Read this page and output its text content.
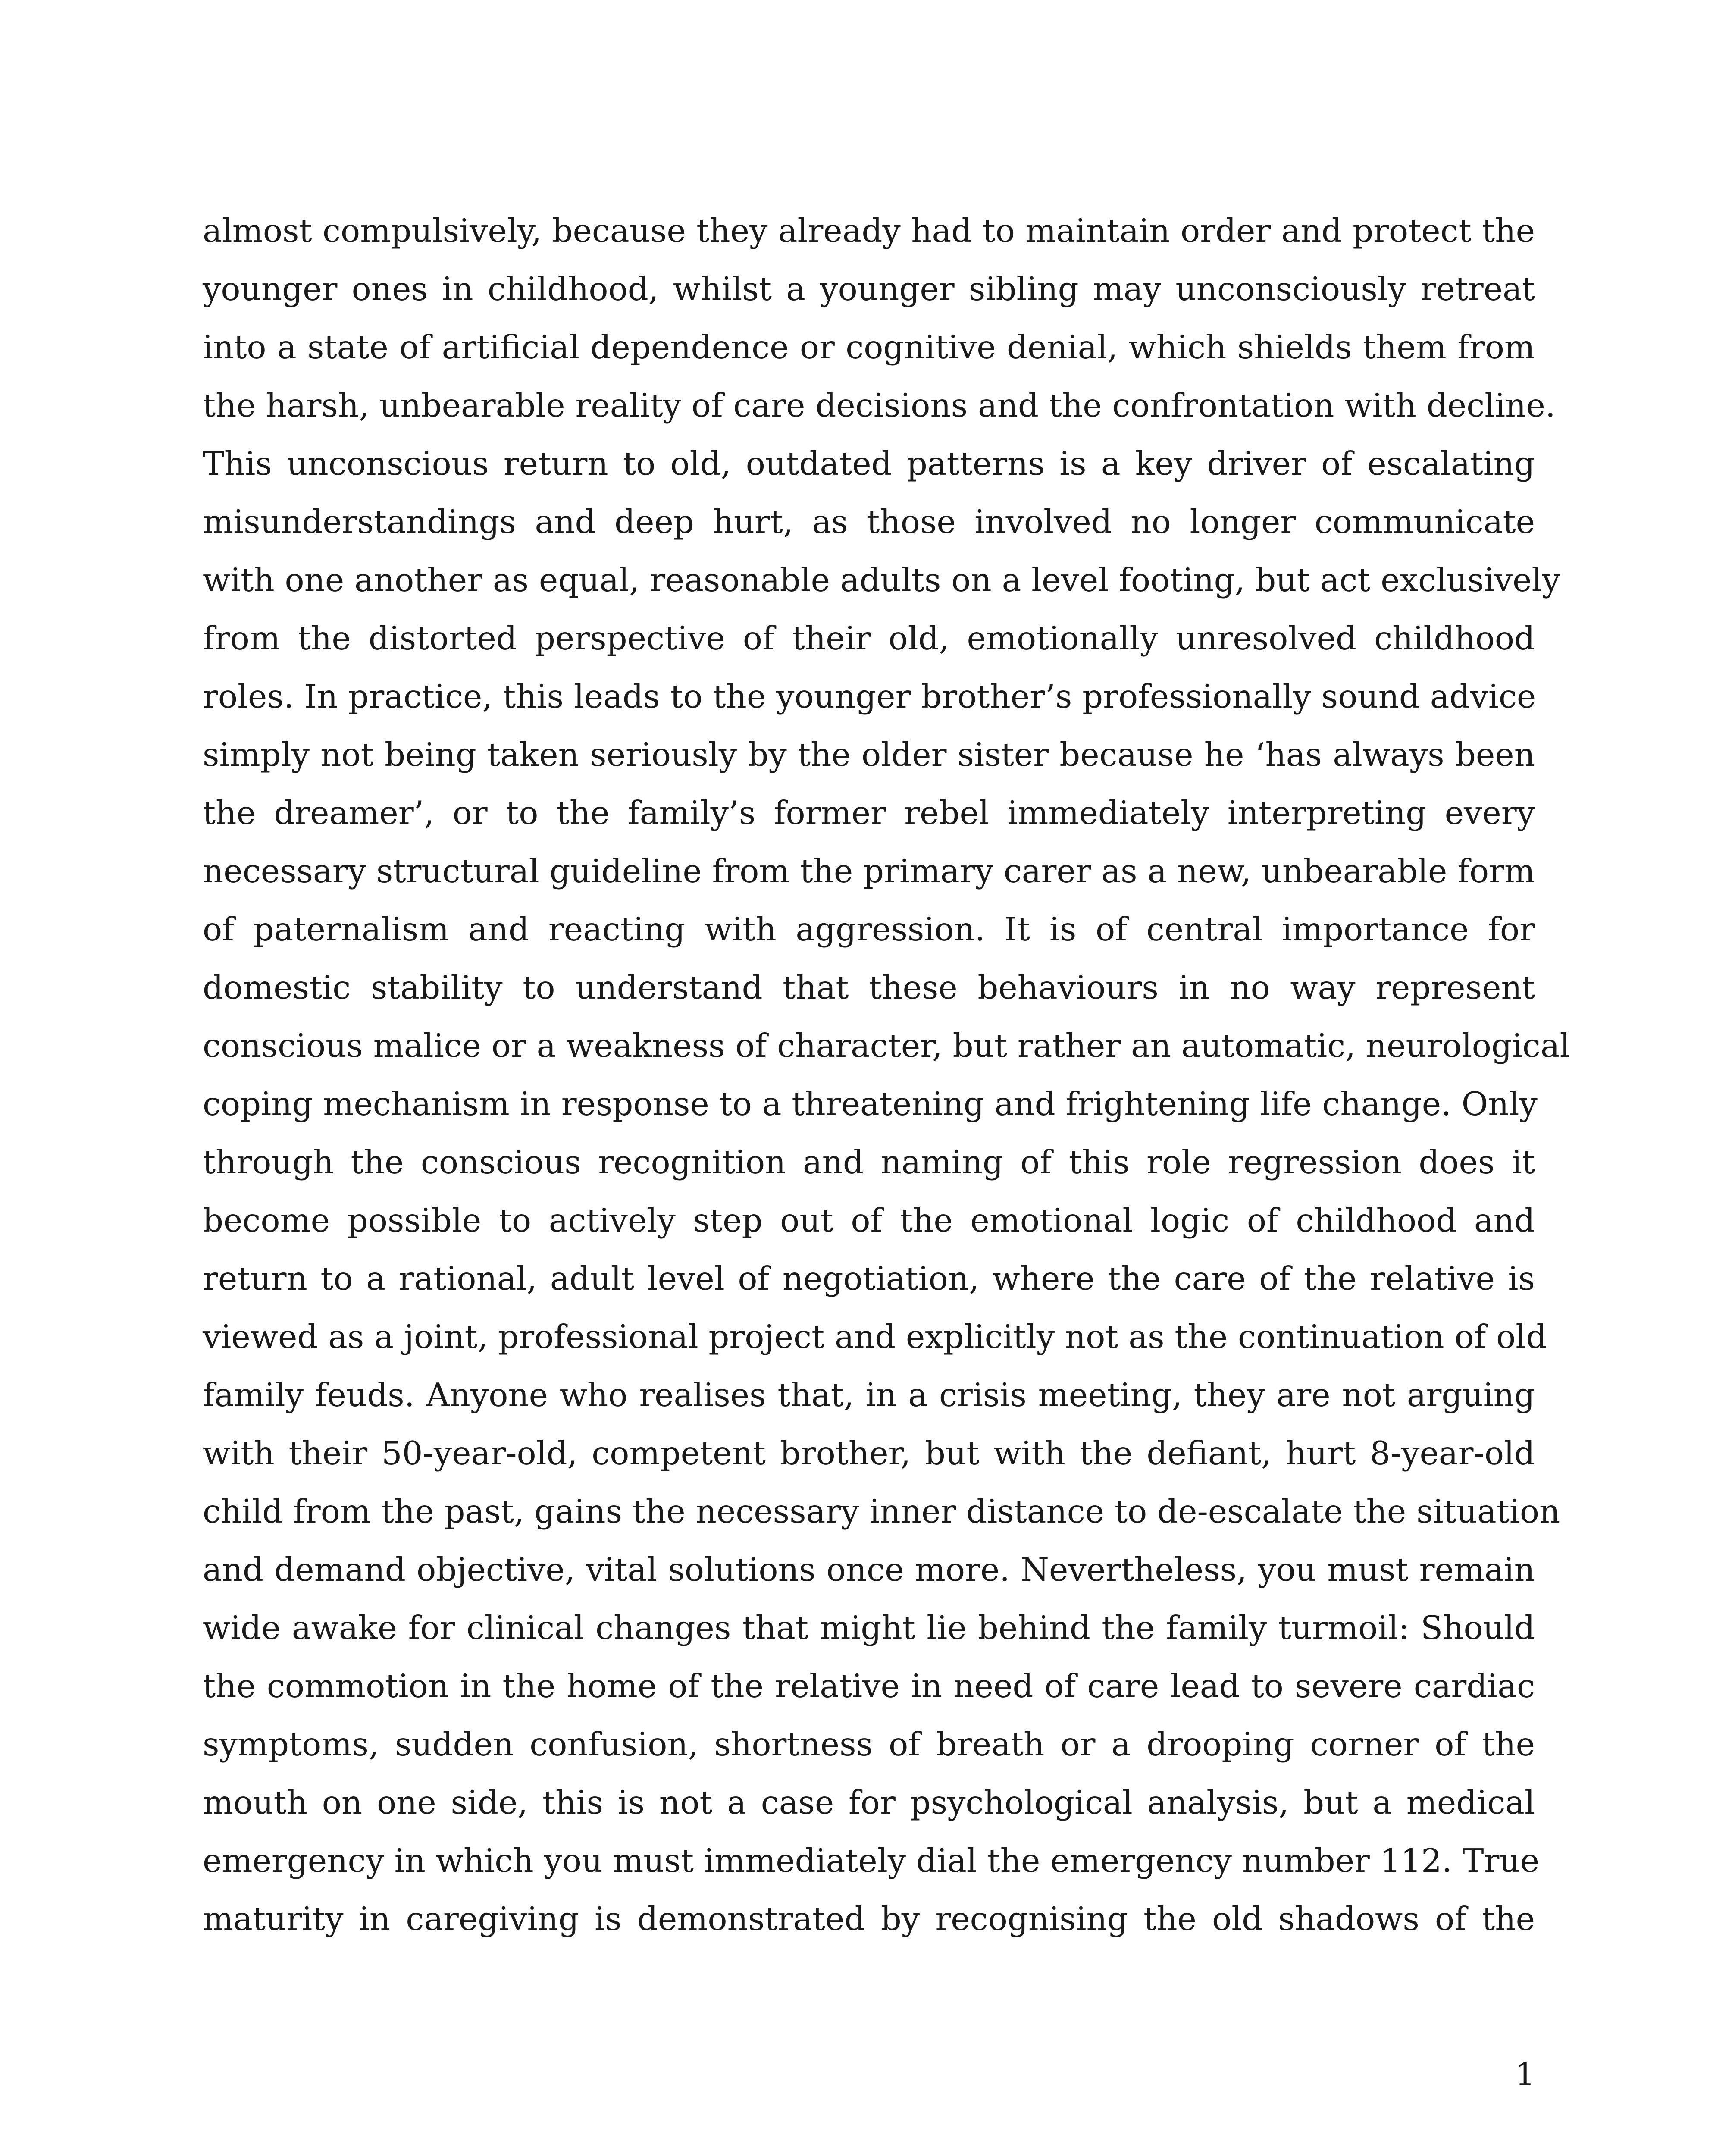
almost compulsively, because they already had to maintain order and protect the
younger ones in childhood, whilst a younger sibling may unconsciously retreat
into a state of artificial dependence or cognitive denial, which shields them from
the harsh, unbearable reality of care decisions and the confrontation with decline.
This unconscious return to old, outdated patterns is a key driver of escalating
misunderstandings and deep hurt, as those involved no longer communicate
with one another as equal, reasonable adults on a level footing, but act exclusively
from the distorted perspective of their old, emotionally unresolved childhood
roles. In practice, this leads to the younger brother’s professionally sound advice
simply not being taken seriously by the older sister because he ‘has always been
the dreamer’, or to the family’s former rebel immediately interpreting every
necessary structural guideline from the primary carer as a new, unbearable form
of paternalism and reacting with aggression. It is of central importance for
domestic stability to understand that these behaviours in no way represent
conscious malice or a weakness of character, but rather an automatic, neurological
coping mechanism in response to a threatening and frightening life change. Only
through the conscious recognition and naming of this role regression does it
become possible to actively step out of the emotional logic of childhood and
return to a rational, adult level of negotiation, where the care of the relative is
viewed as a joint, professional project and explicitly not as the continuation of old
family feuds. Anyone who realises that, in a crisis meeting, they are not arguing
with their 50-year-old, competent brother, but with the defiant, hurt 8-year-old
child from the past, gains the necessary inner distance to de-escalate the situation
and demand objective, vital solutions once more. Nevertheless, you must remain
wide awake for clinical changes that might lie behind the family turmoil: Should
the commotion in the home of the relative in need of care lead to severe cardiac
symptoms, sudden confusion, shortness of breath or a drooping corner of the
mouth on one side, this is not a case for psychological analysis, but a medical
emergency in which you must immediately dial the emergency number 112. True
maturity in caregiving is demonstrated by recognising the old shadows of the
1
